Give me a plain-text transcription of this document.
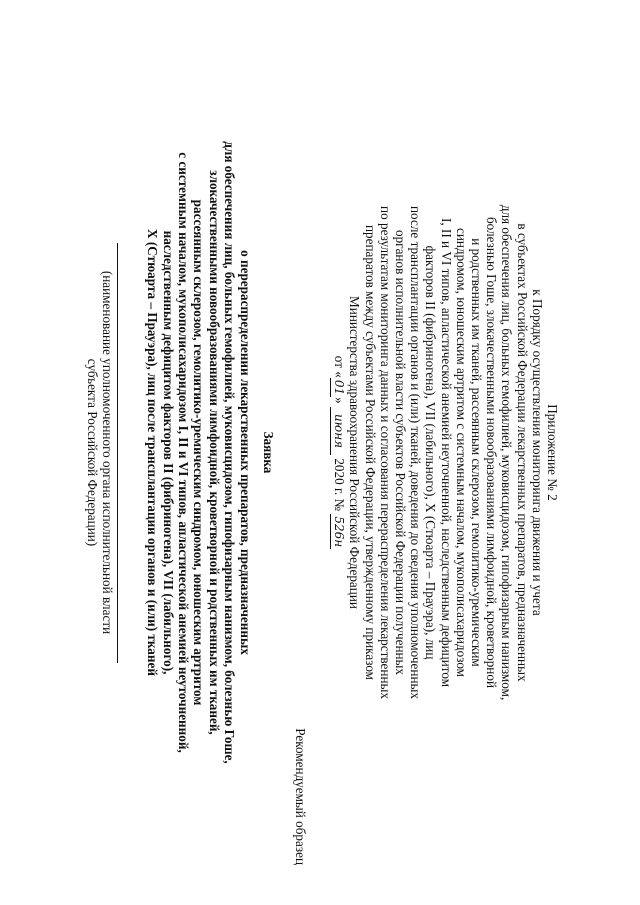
Приложение № 2
к Порядку осуществления мониторинга движения и учета
в субъектах Российской Федерации лекарственных препаратов, предназначенных
для обеспечения лиц, больных гемофилией, муковисцидозом, гипофизарным нанизмом,
болезнью Гоше, злокачественными новообразованиями лимфоидной, кроветворной
и родственных им тканей, рассеянным склерозом, гемолитико-уремическим
синдромом, юношеским артритом с системным началом, мукополисахаридозом
I, II и VI типов, апластической анемией неуточненной, наследственным дефицитом
факторов II (фибриногена), VII (лабильного), X (Стюарта – Прауэра), лиц
после трансплантации органов и (или) тканей, доведения до сведения уполномоченных
органов исполнительной власти субъектов Российской Федерации полученных
по результатам мониторинга данных и согласования перераспределения лекарственных
препаратов между субъектами Российской Федерации, утвержденному приказом
Министерства здравоохранения Российской Федерации
от «01» июня 2020 г. № 526н
Рекомендуемый образец
Заявка
о перераспределении лекарственных препаратов, предназначенных
для обеспечения лиц, больных гемофилией, муковисцидозом, гипофизарным нанизмом, болезнью Гоше,
злокачественными новообразованиями лимфоидной, кроветворной и родственных им тканей,
рассеянным склерозом, гемолитико-уремическим синдромом, юношеским артритом
с системным началом, мукополисахаридозом I, II и VI типов, апластической анемией неуточненной,
наследственным дефицитом факторов II (фибриногена), VII (лабильного),
X (Стюарта – Прауэра), лиц после трансплантации органов и (или) тканей
(наименование уполномоченного органа исполнительной власти
субъекта Российской Федерации)
